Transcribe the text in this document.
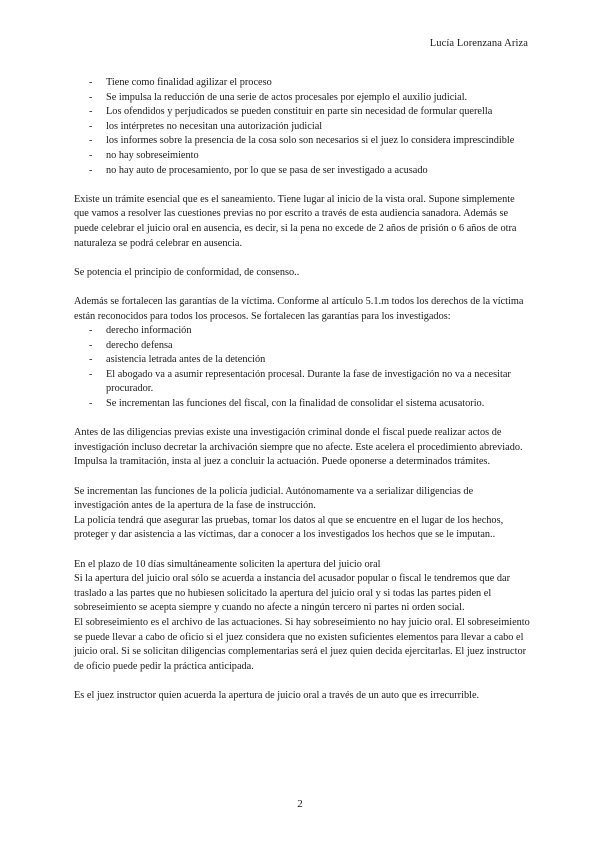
Lucía Lorenzana Ariza
- Tiene como finalidad agilizar el proceso
- Se impulsa la reducción de una serie de actos procesales por ejemplo el auxilio judicial.
- Los ofendidos y perjudicados se pueden constituir en parte sin necesidad de formular querella
- los intérpretes no necesitan una autorización judicial
- los informes sobre la presencia de la cosa solo son necesarios si el juez lo considera imprescindible
- no hay sobreseimiento
- no hay auto de procesamiento, por lo que se pasa de ser investigado a acusado

Existe un trámite esencial que es el saneamiento. Tiene lugar al inicio de la vista oral. Supone simplemente que vamos a resolver las cuestiones previas no por escrito a través de esta audiencia sanadora. Además se puede celebrar el juicio oral en ausencia, es decir, si la pena no excede de 2 años de prisión o 6 años de otra naturaleza se podrá celebrar en ausencia.

Se potencia el principio de conformidad, de consenso..

Además se fortalecen las garantías de la víctima. Conforme al artículo 5.1.m todos los derechos de la víctima están reconocidos para todos los procesos. Se fortalecen las garantías para los investigados:

- derecho información
- derecho defensa
- asistencia letrada antes de la detención
- El abogado va a asumir representación procesal. Durante la fase de investigación no va a necesitar procurador.
- Se incrementan las funciones del fiscal, con la finalidad de consolidar el sistema acusatorio.

Antes de las diligencias previas existe una investigación criminal donde el fiscal puede realizar actos de investigación incluso decretar la archivación siempre que no afecte. Este acelera el procedimiento abreviado. Impulsa la tramitación, insta al juez a concluir la actuación. Puede oponerse a determinados trámites.

Se incrementan las funciones de la policía judicial. Autónomamente va a serializar diligencias de investigación antes de la apertura de la fase de instrucción.

La policía tendrá que asegurar las pruebas, tomar los datos al que se encuentre en el lugar de los hechos, proteger y dar asistencia a las víctimas, dar a conocer a los investigados los hechos que se le imputan..

En el plazo de 10 días simultáneamente soliciten la apertura del juicio oral

Si la apertura del juicio oral sólo se acuerda a instancia del acusador popular o fiscal le tendremos que dar traslado a las partes que no hubiesen solicitado la apertura del juicio oral y si todas las partes piden el sobreseimiento se acepta siempre y cuando no afecte a ningún tercero ni partes ni orden social.

El sobreseimiento es el archivo de las actuaciones. Si hay sobreseimiento no hay juicio oral. El sobreseimiento se puede llevar a cabo de oficio si el juez considera que no existen suficientes elementos para llevar a cabo el juicio oral. Si se solicitan diligencias complementarias será el juez quien decida ejercitarlas. El juez instructor de oficio puede pedir la práctica anticipada.

Es el juez instructor quien acuerda la apertura de juicio oral a través de un auto que es irrecurrible.

2
